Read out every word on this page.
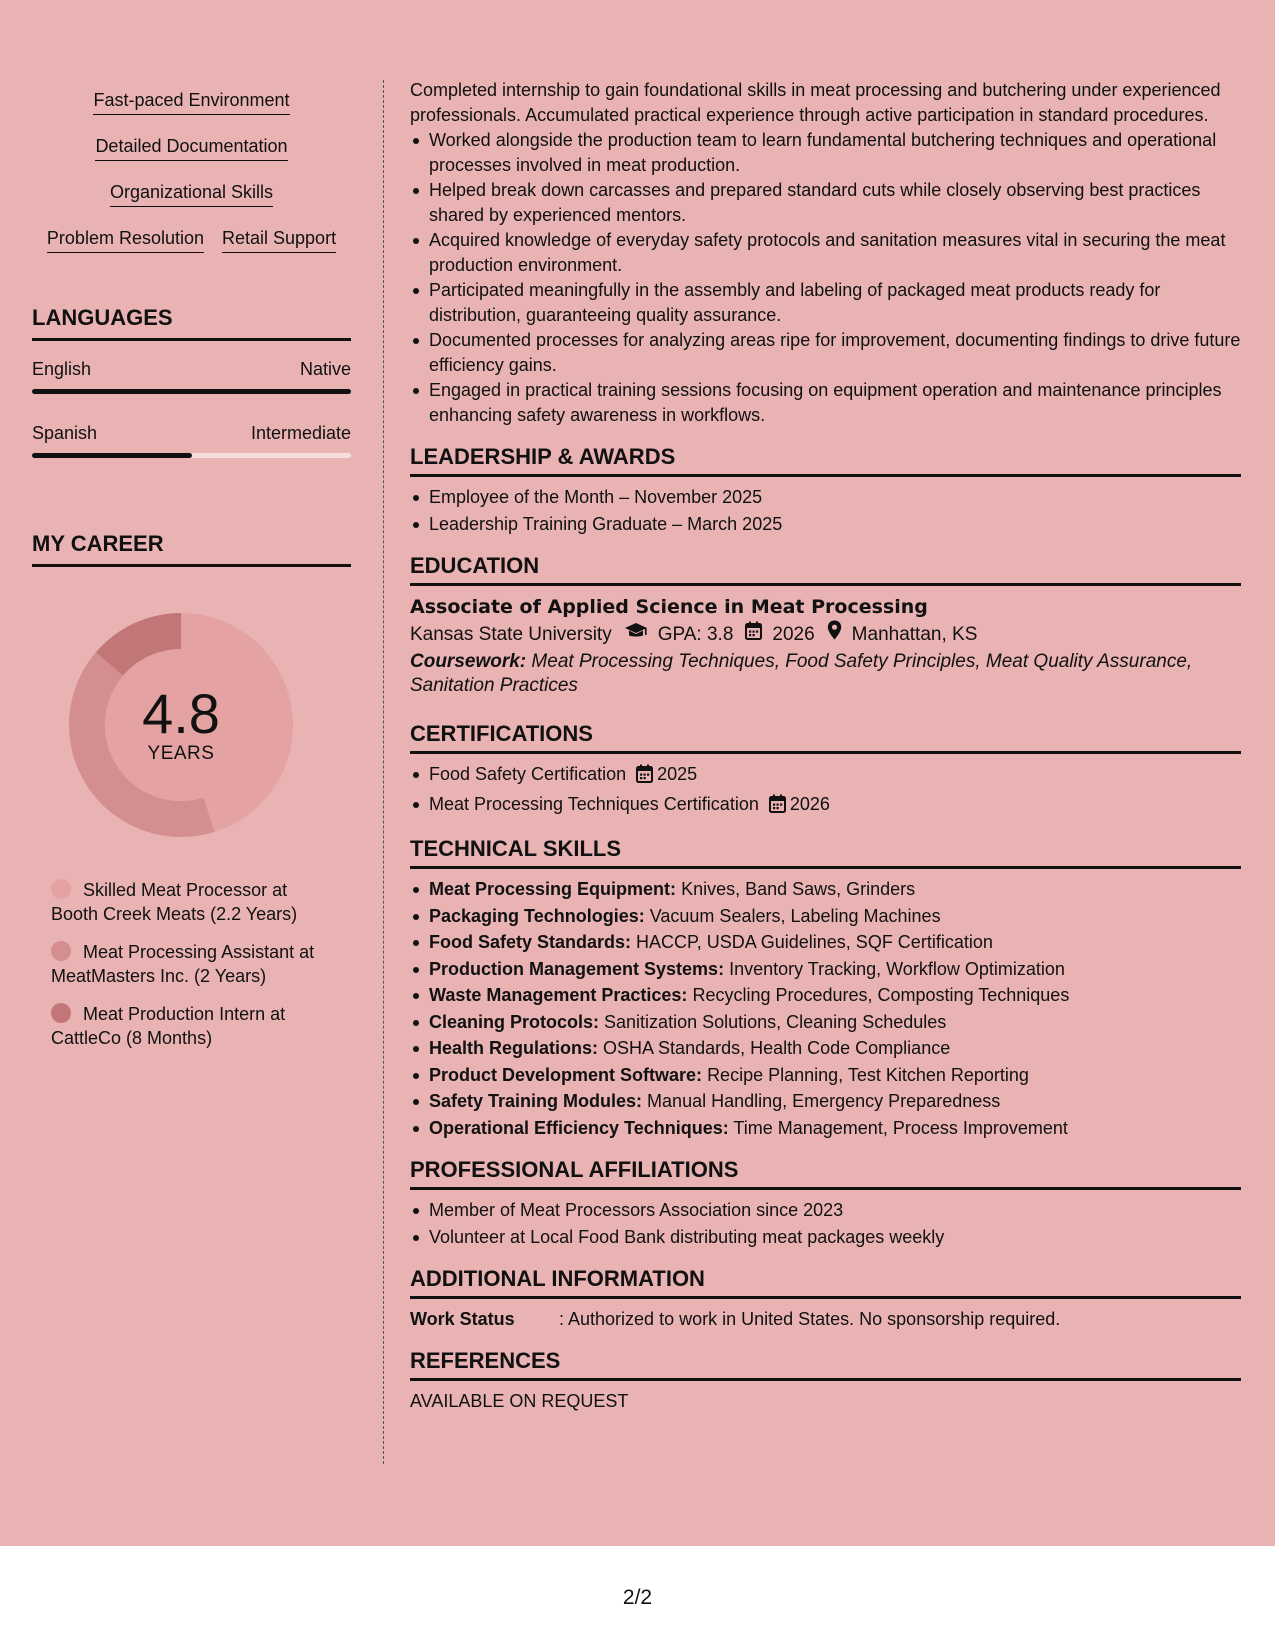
Fast-paced Environment
Detailed Documentation
Organizational Skills
Problem Resolution Retail Support
LANGUAGES
English	Native
Spanish	Intermediate
MY CAREER
4.8
YEARS
Skilled Meat Processor at Booth Creek Meats (2.2 Years)
Meat Processing Assistant at MeatMasters Inc. (2 Years)
Meat Production Intern at CattleCo (8 Months)
Completed internship to gain foundational skills in meat processing and butchering under experienced professionals. Accumulated practical experience through active participation in standard procedures.
Worked alongside the production team to learn fundamental butchering techniques and operational processes involved in meat production.
Helped break down carcasses and prepared standard cuts while closely observing best practices shared by experienced mentors.
Acquired knowledge of everyday safety protocols and sanitation measures vital in securing the meat production environment.
Participated meaningfully in the assembly and labeling of packaged meat products ready for distribution, guaranteeing quality assurance.
Documented processes for analyzing areas ripe for improvement, documenting findings to drive future efficiency gains.
Engaged in practical training sessions focusing on equipment operation and maintenance principles enhancing safety awareness in workflows.
LEADERSHIP & AWARDS
Employee of the Month – November 2025
Leadership Training Graduate – March 2025
EDUCATION
Associate of Applied Science in Meat Processing
Kansas State University GPA: 3.8 2026 Manhattan, KS
Coursework: Meat Processing Techniques, Food Safety Principles, Meat Quality Assurance, Sanitation Practices
CERTIFICATIONS
Food Safety Certification 2025
Meat Processing Techniques Certification 2026
TECHNICAL SKILLS
Meat Processing Equipment: Knives, Band Saws, Grinders
Packaging Technologies: Vacuum Sealers, Labeling Machines
Food Safety Standards: HACCP, USDA Guidelines, SQF Certification
Production Management Systems: Inventory Tracking, Workflow Optimization
Waste Management Practices: Recycling Procedures, Composting Techniques
Cleaning Protocols: Sanitization Solutions, Cleaning Schedules
Health Regulations: OSHA Standards, Health Code Compliance
Product Development Software: Recipe Planning, Test Kitchen Reporting
Safety Training Modules: Manual Handling, Emergency Preparedness
Operational Efficiency Techniques: Time Management, Process Improvement
PROFESSIONAL AFFILIATIONS
Member of Meat Processors Association since 2023
Volunteer at Local Food Bank distributing meat packages weekly
ADDITIONAL INFORMATION
Work Status	: Authorized to work in United States. No sponsorship required.
REFERENCES
AVAILABLE ON REQUEST
2/2
